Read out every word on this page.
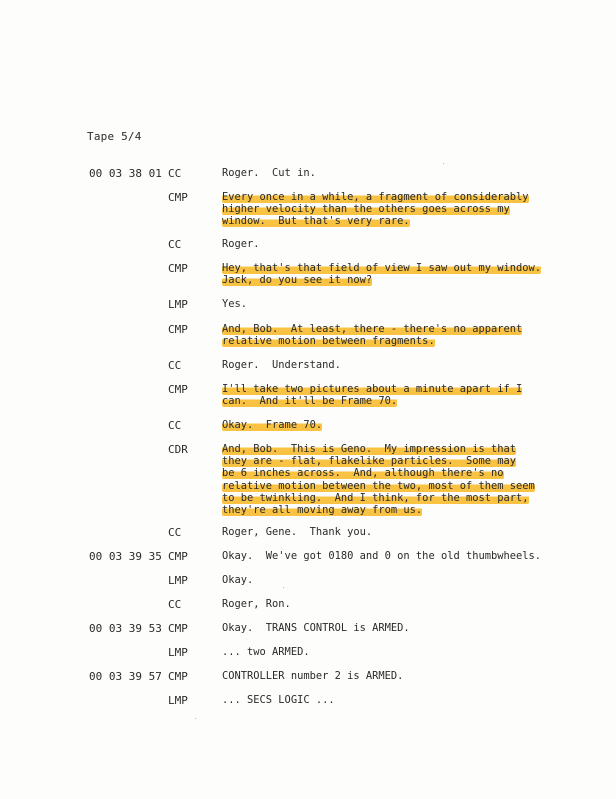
Tape 5/4
00 03 38 01 CC	Roger.  Cut in.
CMP	Every once in a while, a fragment of considerably
higher velocity than the others goes across my
window.  But that's very rare.
CC	Roger.
CMP	Hey, that's that field of view I saw out my window.
Jack, do you see it now?
LMP	Yes.
CMP	And, Bob.  At least, there - there's no apparent
relative motion between fragments.
CC	Roger.  Understand.
CMP	I'll take two pictures about a minute apart if I
can.  And it'll be Frame 70.
CC	Okay.  Frame 70.
CDR	And, Bob.  This is Geno.  My impression is that
they are - flat, flakelike particles.  Some may
be 6 inches across.  And, although there's no
relative motion between the two, most of them seem
to be twinkling.  And I think, for the most part,
they're all moving away from us.
CC	Roger, Gene.  Thank you.
00 03 39 35 CMP	Okay.  We've got 0180 and 0 on the old thumbwheels.
LMP	Okay.
CC	Roger, Ron.
00 03 39 53 CMP	Okay.  TRANS CONTROL is ARMED.
LMP	... two ARMED.
00 03 39 57 CMP	CONTROLLER number 2 is ARMED.
LMP	... SECS LOGIC ...
